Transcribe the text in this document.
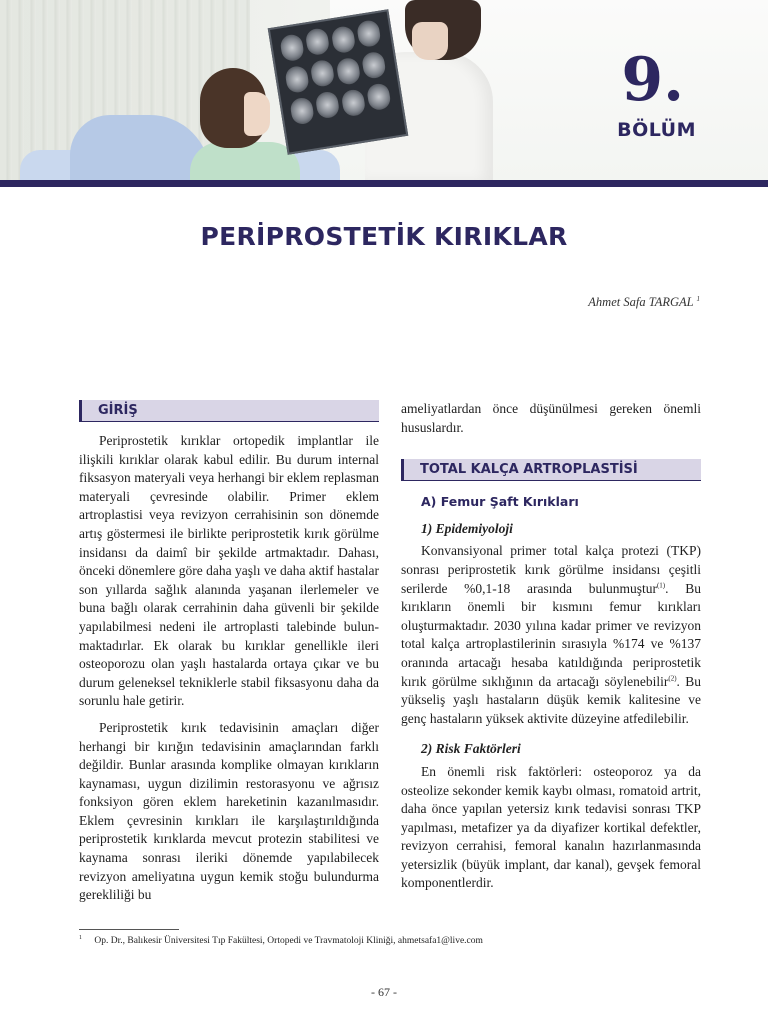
9.
BÖLÜM
PERİPROSTETİK KIRIKLAR
Ahmet Safa TARGAL $^1$
GİRİŞ

Periprostetik kırıklar ortopedik implantlar ile ilişkili kırıklar olarak kabul edilir. Bu durum internal fiksasyon materyali veya herhangi bir eklem replasman materyali çevresinde olabilir. Primer eklem artroplastisi veya revizyon cerrahisinin son dönemde artış göstermesi ile birlikte periprostetik kırık görülme insidansı da daimî bir şekilde artmaktadır. Dahası, önceki dönemlere göre daha yaşlı ve daha aktif hastalar son yıllarda sağlık alanında yaşanan ilerlemeler ve buna bağlı olarak cerrahinin daha güvenli bir şekilde yapılabilmesi nedeni ile artroplasti talebinde bulunmaktadırlar. Ek olarak bu kırıklar genellikle ileri osteoporozu olan yaşlı hastalarda ortaya çıkar ve bu durum geleneksel tekniklerle stabil fiksasyonu daha da sorunlu hale getirir.

Periprostetik kırık tedavisinin amaçları diğer herhangi bir kırığın tedavisinin amaçlarından farklı değildir. Bunlar arasında komplike olmayan kırıkların kaynaması, uygun dizilimin restorasyonu ve ağrısız fonksiyon gören eklem hareketinin kazanılmasıdır. Eklem çevresinin kırıkları ile karşılaştırıldığında periprostetik kırıklarda mevcut protezin stabilitesi ve kaynama sonrası ileriki dönemde yapılabilecek revizyon ameliyatına uygun kemik stoğu bulundurma gerekliliği bu

ameliyatlardan önce düşünülmesi gereken önemli hususlardır.

TOTAL KALÇA ARTROPLASTİSİ
A) Femur Şaft Kırıkları
1) Epidemiyoloji

Konvansiyonal primer total kalça protezi (TKP) sonrası periprostetik kırık görülme insidansı çeşitli serilerde %0,1-18 arasında bulunmuştur$^{(1)}$. Bu kırıkların önemli bir kısmını femur kırıkları oluşturmaktadır. 2030 yılına kadar primer ve revizyon total kalça artroplastilerinin sırasıyla %174 ve %137 oranında artacağı hesaba katıldığında periprostetik kırık görülme sıklığının da artacağı söylenebilir$^{(2)}$. Bu yükseliş yaşlı hastaların düşük kemik kalitesine ve genç hastaların yüksek aktivite düzeyine atfedilebilir.

2) Risk Faktörleri

En önemli risk faktörleri: osteoporoz ya da osteolize sekonder kemik kaybı olması, romatoid artrit, daha önce yapılan yetersiz kırık tedavisi sonrası TKP yapılması, metafizer ya da diyafizer kortikal defektler, revizyon cerrahisi, femoral kanalın hazırlanmasında yetersizlik (büyük implant, dar kanal), gevşek femoral komponentlerdir.

$^1$ Op. Dr., Balıkesir Üniversitesi Tıp Fakültesi, Ortopedi ve Travmatoloji Kliniği, ahmetsafa1@live.com
- 67 -
